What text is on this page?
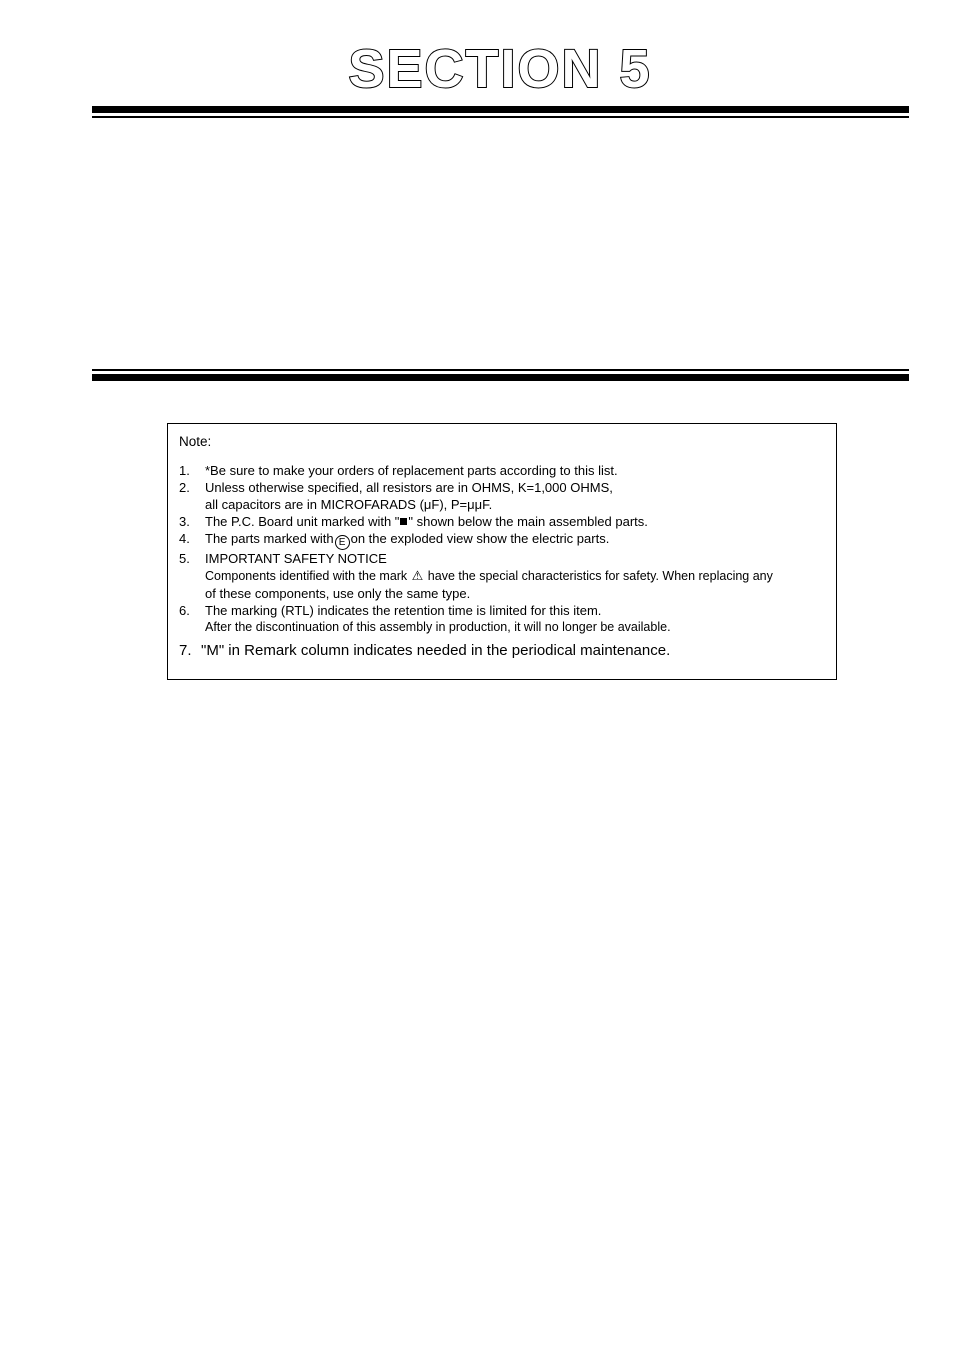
SECTION 5
Note:
1.	*Be sure to make your orders of replacement parts according to this list.
2.	Unless otherwise specified, all resistors are in OHMS, K=1,000 OHMS,
all capacitors are in MICROFARADS (μF), P=μμF.
3.	The P.C. Board unit marked with " " shown below the main assembled parts.
4.	The parts marked with E on the exploded view show the electric parts.
5.	IMPORTANT SAFETY NOTICE
Components identified with the mark ⚠ have the special characteristics for safety. When replacing any
of these components, use only the same type.
6.	The marking (RTL) indicates the retention time is limited for this item.
After the discontinuation of this assembly in production, it will no longer be available.
7. "M" in Remark column indicates needed in the periodical maintenance.
